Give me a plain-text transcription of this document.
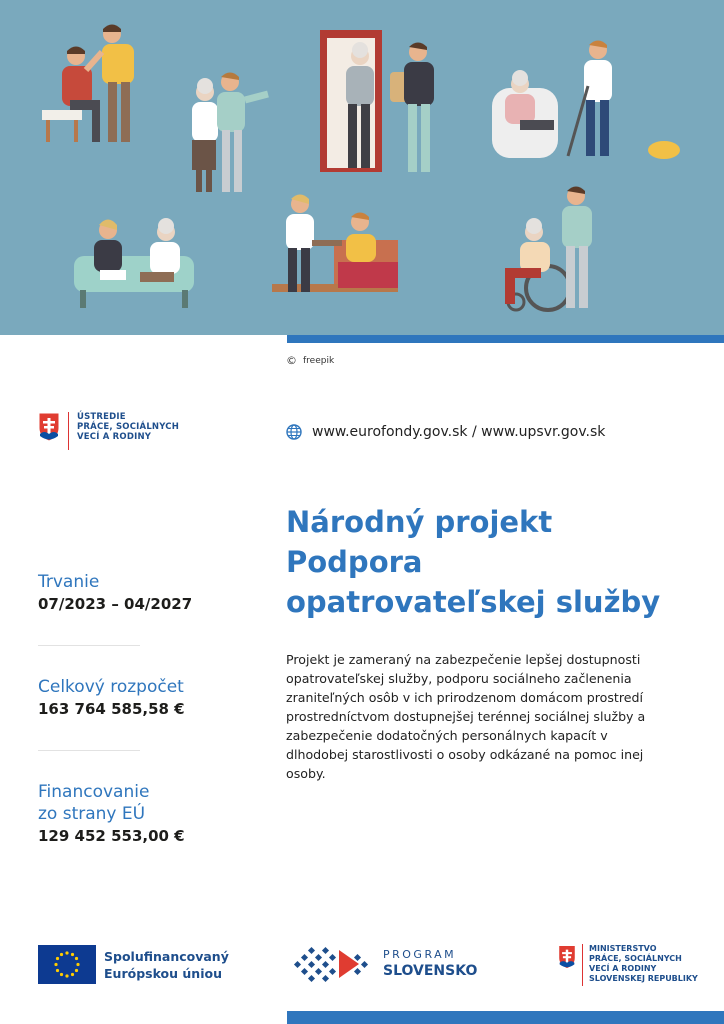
© freepik
ÚSTREDIE
PRÁCE, SOCIÁLNYCH
VECÍ A RODINY	www.eurofondy.gov.sk / www.upsvr.gov.sk
Národný projekt
Podpora
opatrovateľskej služby
Projekt je zameraný na zabezpečenie lepšej dostupnosti opatrovateľskej služby, podporu sociálneho začlenenia zraniteľných osôb v ich prirodzenom domácom prostredí prostredníctvom dostupnejšej terénnej sociálnej služby a zabezpečenie dodatočných personálnych kapacít v dlhodobej starostlivosti o osoby odkázané na pomoc inej osoby.
Trvanie
07/2023 – 04/2027
Celkový rozpočet
163 764 585,58 €
Financovanie
zo strany EÚ
129 452 553,00 €
Spolufinancovaný
Európskou úniou
PROGRAM
SLOVENSKO
MINISTERSTVO
PRÁCE, SOCIÁLNYCH
VECÍ A RODINY
SLOVENSKEJ REPUBLIKY
